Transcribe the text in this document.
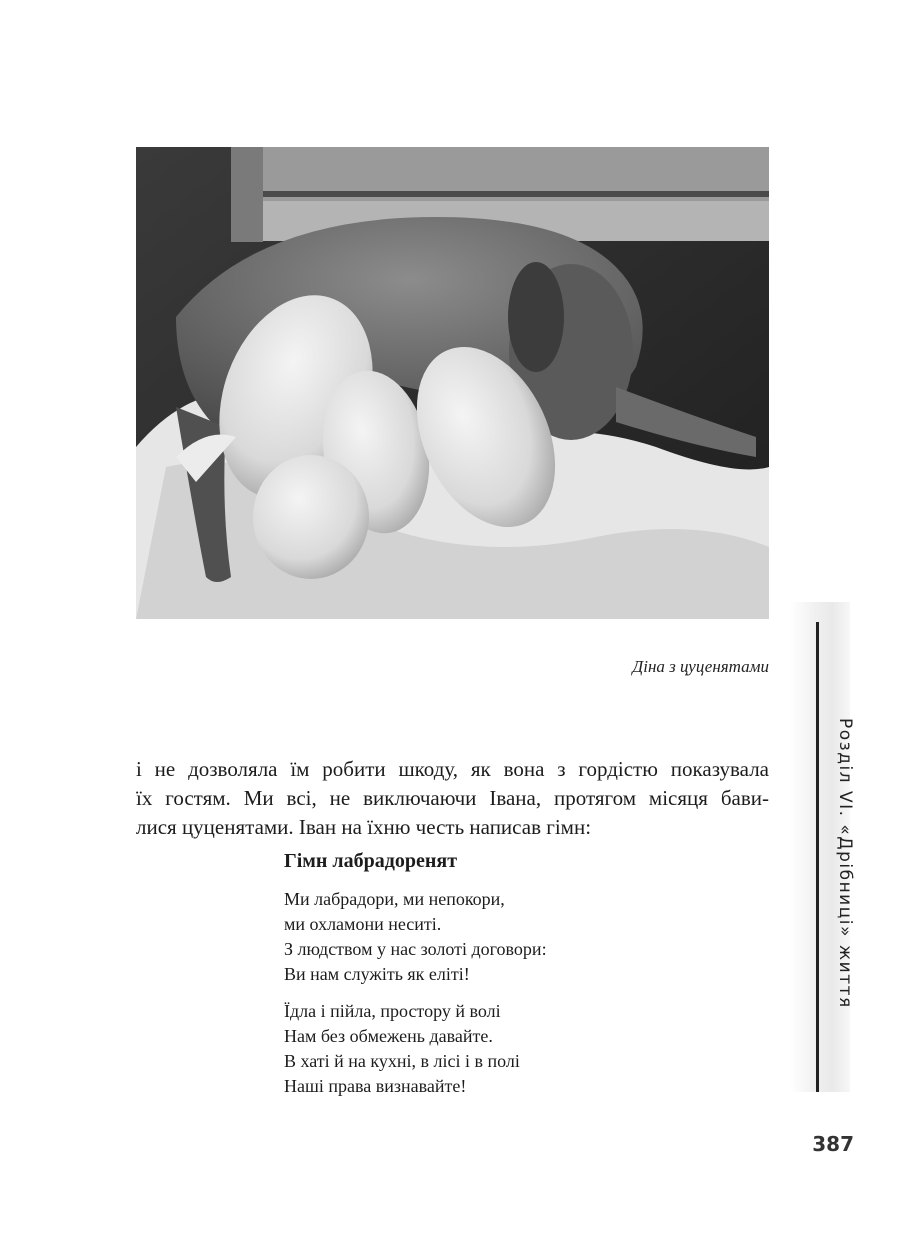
Діна з цуценятами
і не дозволяла їм робити шкоду, як вона з гордістю показувала
їх гостям. Ми всі, не виключаючи Івана, протягом місяця бави-
лися цуценятами. Іван на їхню честь написав гімн:
Гімн лабрадоренят
Ми лабрадори, ми непокори,
ми охламони неситі.
З людством у нас золоті договори:
Ви нам служіть як еліті!
Їдла і пійла, простору й волі
Нам без обмежень давайте.
В хаті й на кухні, в лісі і в полі
Наші права визнавайте!
Розділ VI. «Дрібниці» життя
387
